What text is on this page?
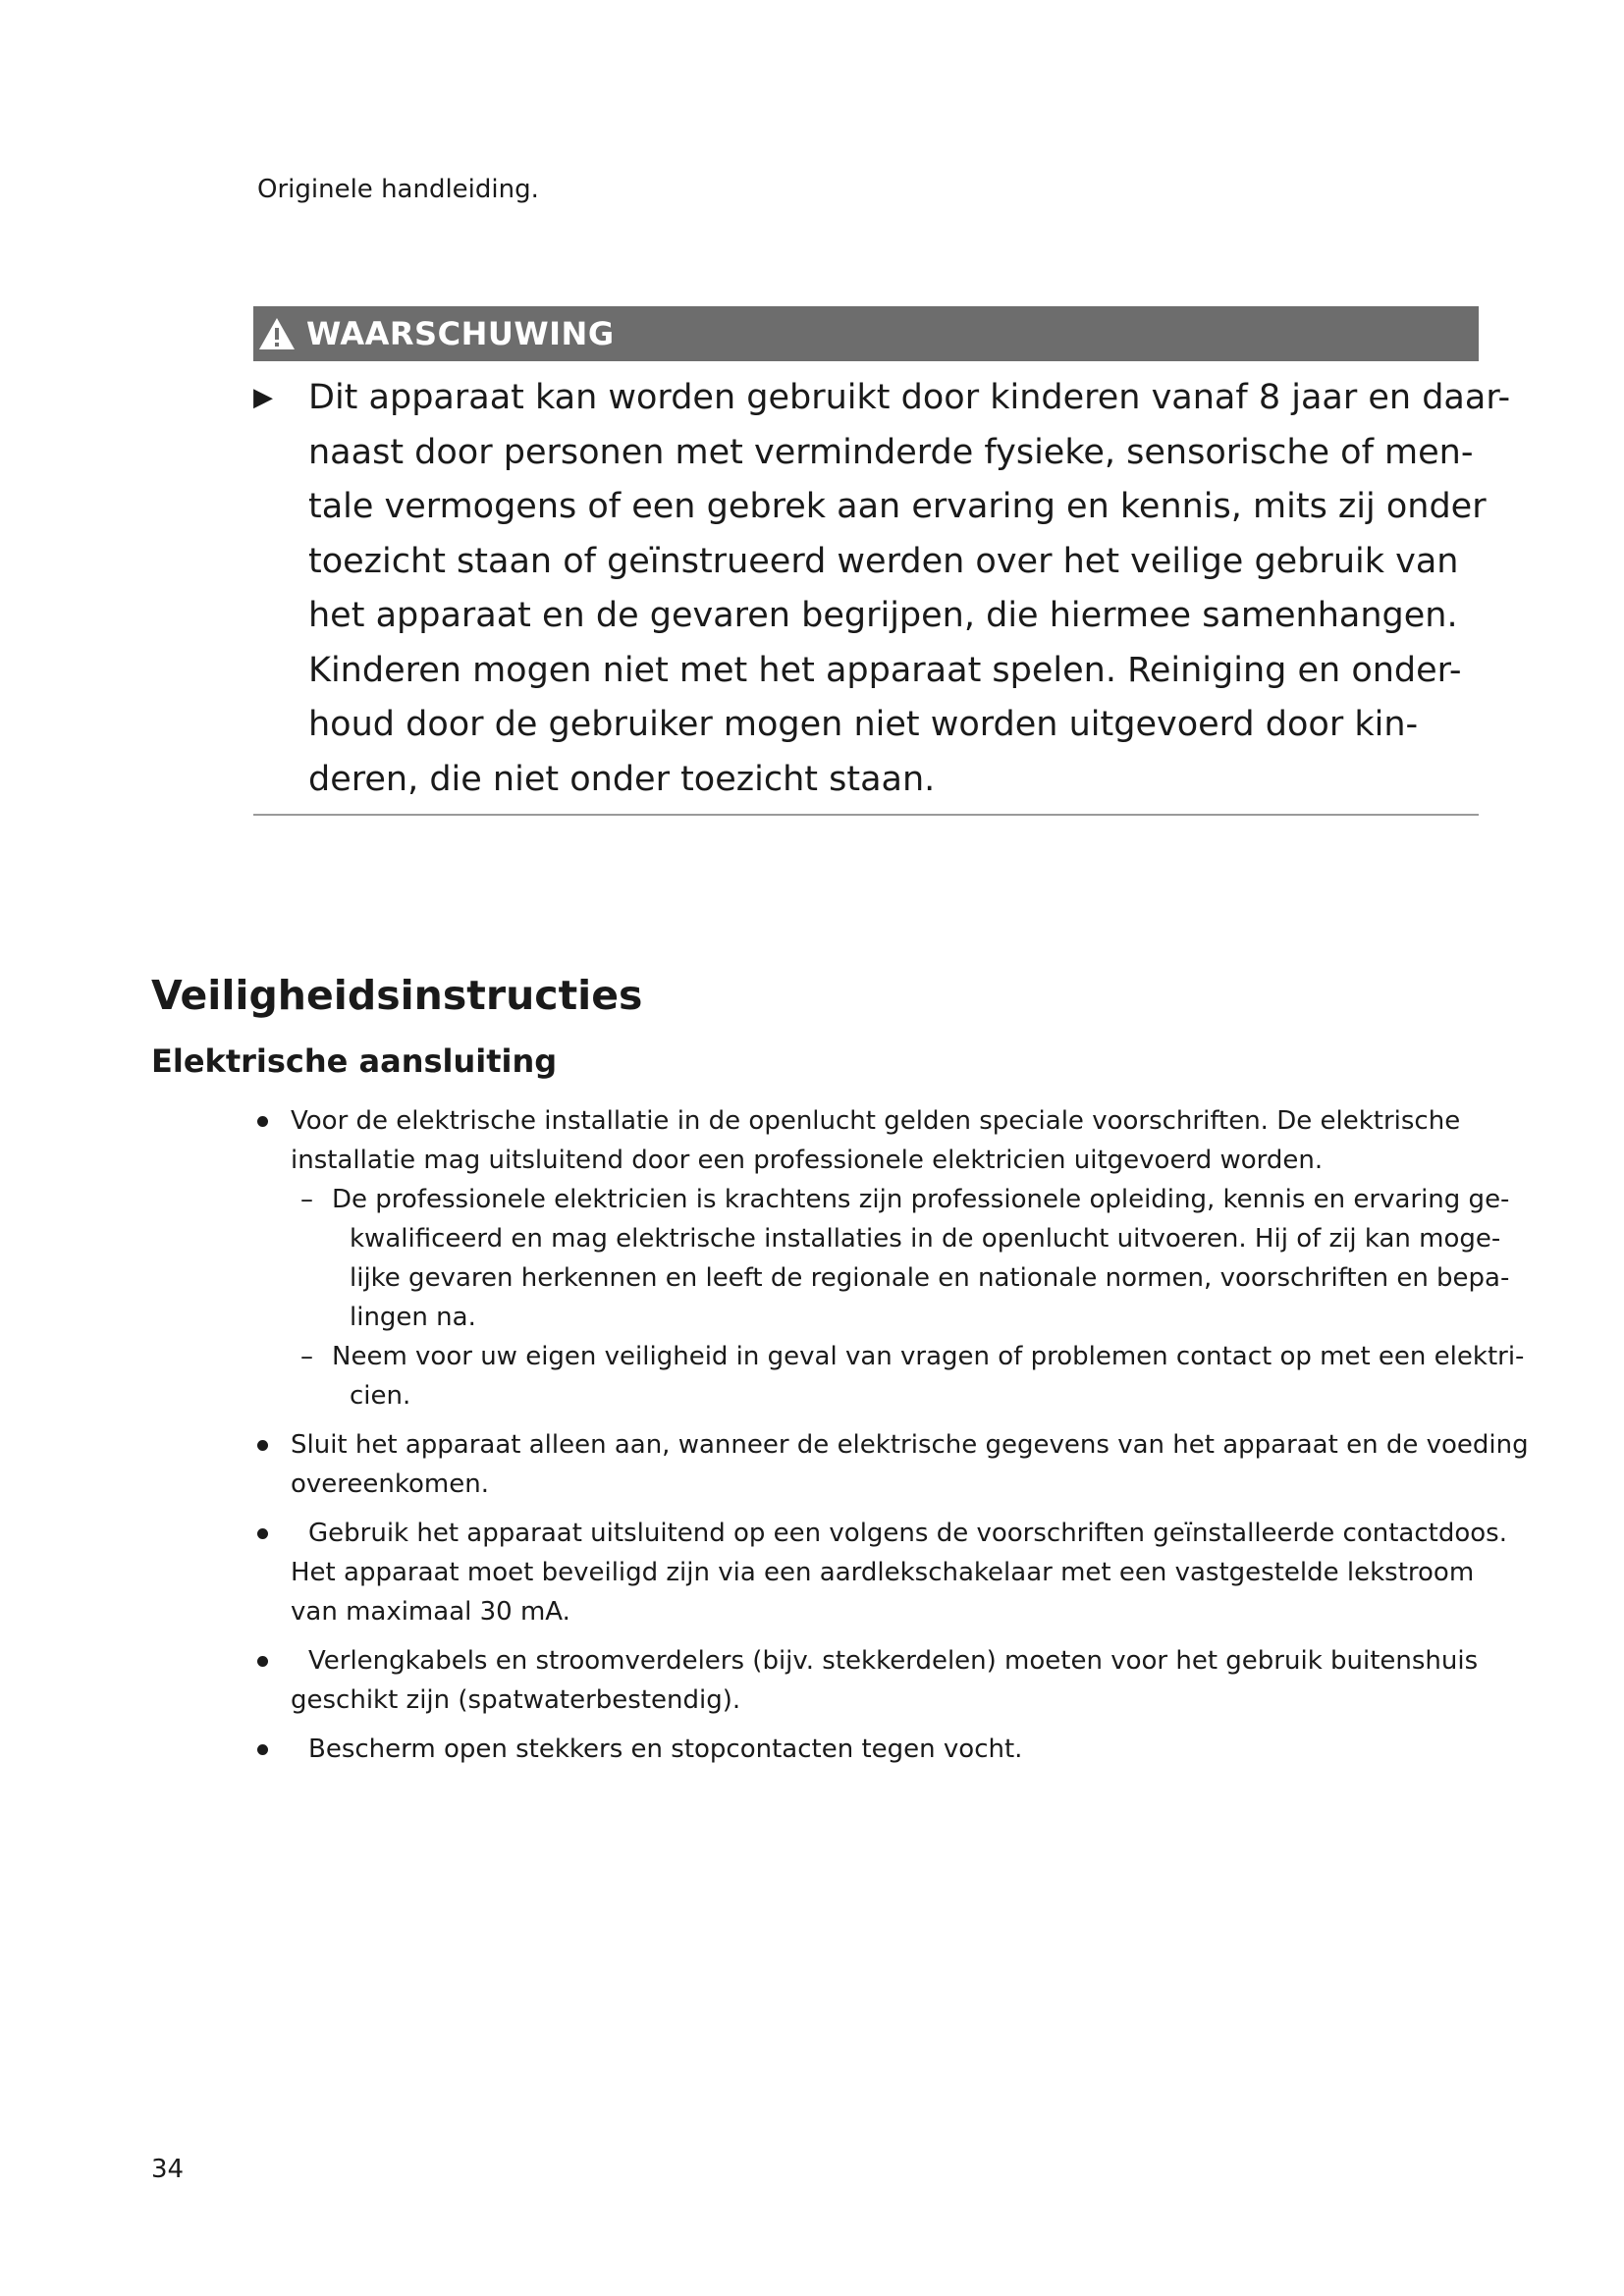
Originele handleiding.
WAARSCHUWING
▶ Dit apparaat kan worden gebruikt door kinderen vanaf 8 jaar en daar-
naast door personen met verminderde fysieke, sensorische of men-
tale vermogens of een gebrek aan ervaring en kennis, mits zij onder
toezicht staan of geïnstrueerd werden over het veilige gebruik van
het apparaat en de gevaren begrijpen, die hiermee samenhangen.
Kinderen mogen niet met het apparaat spelen. Reiniging en onder-
houd door de gebruiker mogen niet worden uitgevoerd door kin-
deren, die niet onder toezicht staan.
Veiligheidsinstructies
Elektrische aansluiting
Voor de elektrische installatie in de openlucht gelden speciale voorschriften. De elektrische
installatie mag uitsluitend door een professionele elektricien uitgevoerd worden.
– De professionele elektricien is krachtens zijn professionele opleiding, kennis en ervaring ge-
kwalificeerd en mag elektrische installaties in de openlucht uitvoeren. Hij of zij kan moge-
lijke gevaren herkennen en leeft de regionale en nationale normen, voorschriften en bepa-
lingen na.
– Neem voor uw eigen veiligheid in geval van vragen of problemen contact op met een elektri-
cien.
Sluit het apparaat alleen aan, wanneer de elektrische gegevens van het apparaat en de voeding
overeenkomen.
Gebruik het apparaat uitsluitend op een volgens de voorschriften geïnstalleerde contactdoos.
Het apparaat moet beveiligd zijn via een aardlekschakelaar met een vastgestelde lekstroom
van maximaal 30 mA.
Verlengkabels en stroomverdelers (bijv. stekkerdelen) moeten voor het gebruik buitenshuis
geschikt zijn (spatwaterbestendig).
Bescherm open stekkers en stopcontacten tegen vocht.
34
